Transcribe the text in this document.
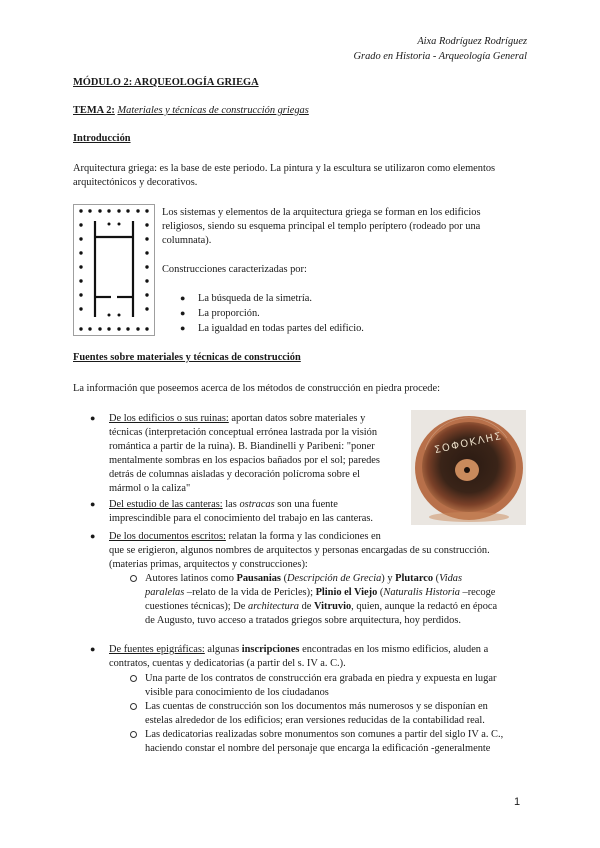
Aixa Rodríguez Rodríguez
Grado en Historia - Arqueología General
MÓDULO 2: ARQUEOLOGÍA GRIEGA
TEMA 2: Materiales y técnicas de construcción griegas
Introducción
Arquitectura griega: es la base de este periodo. La pintura y la escultura se utilizaron como elementos
arquitectónicos y decorativos.
Los sistemas y elementos de la arquitectura griega se forman en los edificios
religiosos, siendo su esquema principal el templo períptero (rodeado por una
columnata).
Construcciones caracterizadas por:
● La búsqueda de la simetría.
● La proporción.
● La igualdad en todas partes del edificio.
Fuentes sobre materiales y técnicas de construcción
La información que poseemos acerca de los métodos de construcción en piedra procede:
● De los edificios o sus ruinas: aportan datos sobre materiales y
técnicas (interpretación conceptual errónea lastrada por la visión
romántica a partir de la ruina). B. Biandinelli y Paribeni: "poner
mentalmente sombras en los espacios bañados por el sol; paredes
detrás de columnas aisladas y decoración polícroma sobre el
mármol o la caliza"
● Del estudio de las canteras: las ostracas son una fuente
imprescindible para el conocimiento del trabajo en las canteras.
ΣΟΦΟΚΛΗΣ
● De los documentos escritos: relatan la forma y las condiciones en
que se erigieron, algunos nombres de arquitectos y personas encargadas de su construcción.
(materias primas, arquitectos y construcciones):
Autores latinos como Pausanias (Descripción de Grecia) y Plutarco (Vidas
paralelas –relato de la vida de Pericles); Plinio el Viejo (Naturalis Historia –recoge
cuestiones técnicas); De architectura de Vitruvio, quien, aunque la redactó en época
de Augusto, tuvo acceso a tratados griegos sobre arquitectura, hoy perdidos.
● De fuentes epigráficas: algunas inscripciones encontradas en los mismo edificios, aluden a
contratos, cuentas y dedicatorias (a partir del s. IV a. C.).
Una parte de los contratos de construcción era grabada en piedra y expuesta en lugar
visible para conocimiento de los ciudadanos
Las cuentas de construcción son los documentos más numerosos y se disponían en
estelas alrededor de los edificios; eran versiones reducidas de la contabilidad real.
Las dedicatorias realizadas sobre monumentos son comunes a partir del siglo IV a. C.,
haciendo constar el nombre del personaje que encarga la edificación -generalmente
1
